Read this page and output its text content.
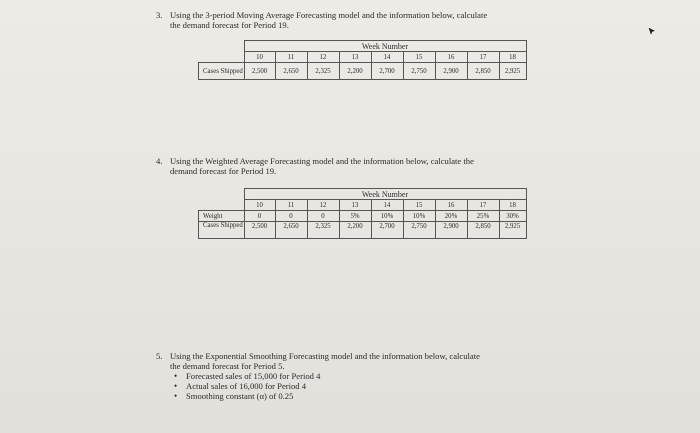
3. Using the 3-period Moving Average Forecasting model and the information below, calculate
the demand forecast for Period 19.
	Week Number								
	10	11	12	13	14	15	16	17	18
Cases Shipped	2,500	2,650	2,325	2,200	2,700	2,750	2,900	2,850	2,925
4. Using the Weighted Average Forecasting model and the information below, calculate the
demand forecast for Period 19.
	Week Number								
	10	11	12	13	14	15	16	17	18
Weight	0	0	0	5%	10%	10%	20%	25%	30%
Cases Shipped	2,500	2,650	2,325	2,200	2,700	2,750	2,900	2,850	2,925
5. Using the Exponential Smoothing Forecasting model and the information below, calculate
the demand forecast for Period 5.
• Forecasted sales of 15,000 for Period 4
• Actual sales of 16,000 for Period 4
• Smoothing constant (α) of 0.25
